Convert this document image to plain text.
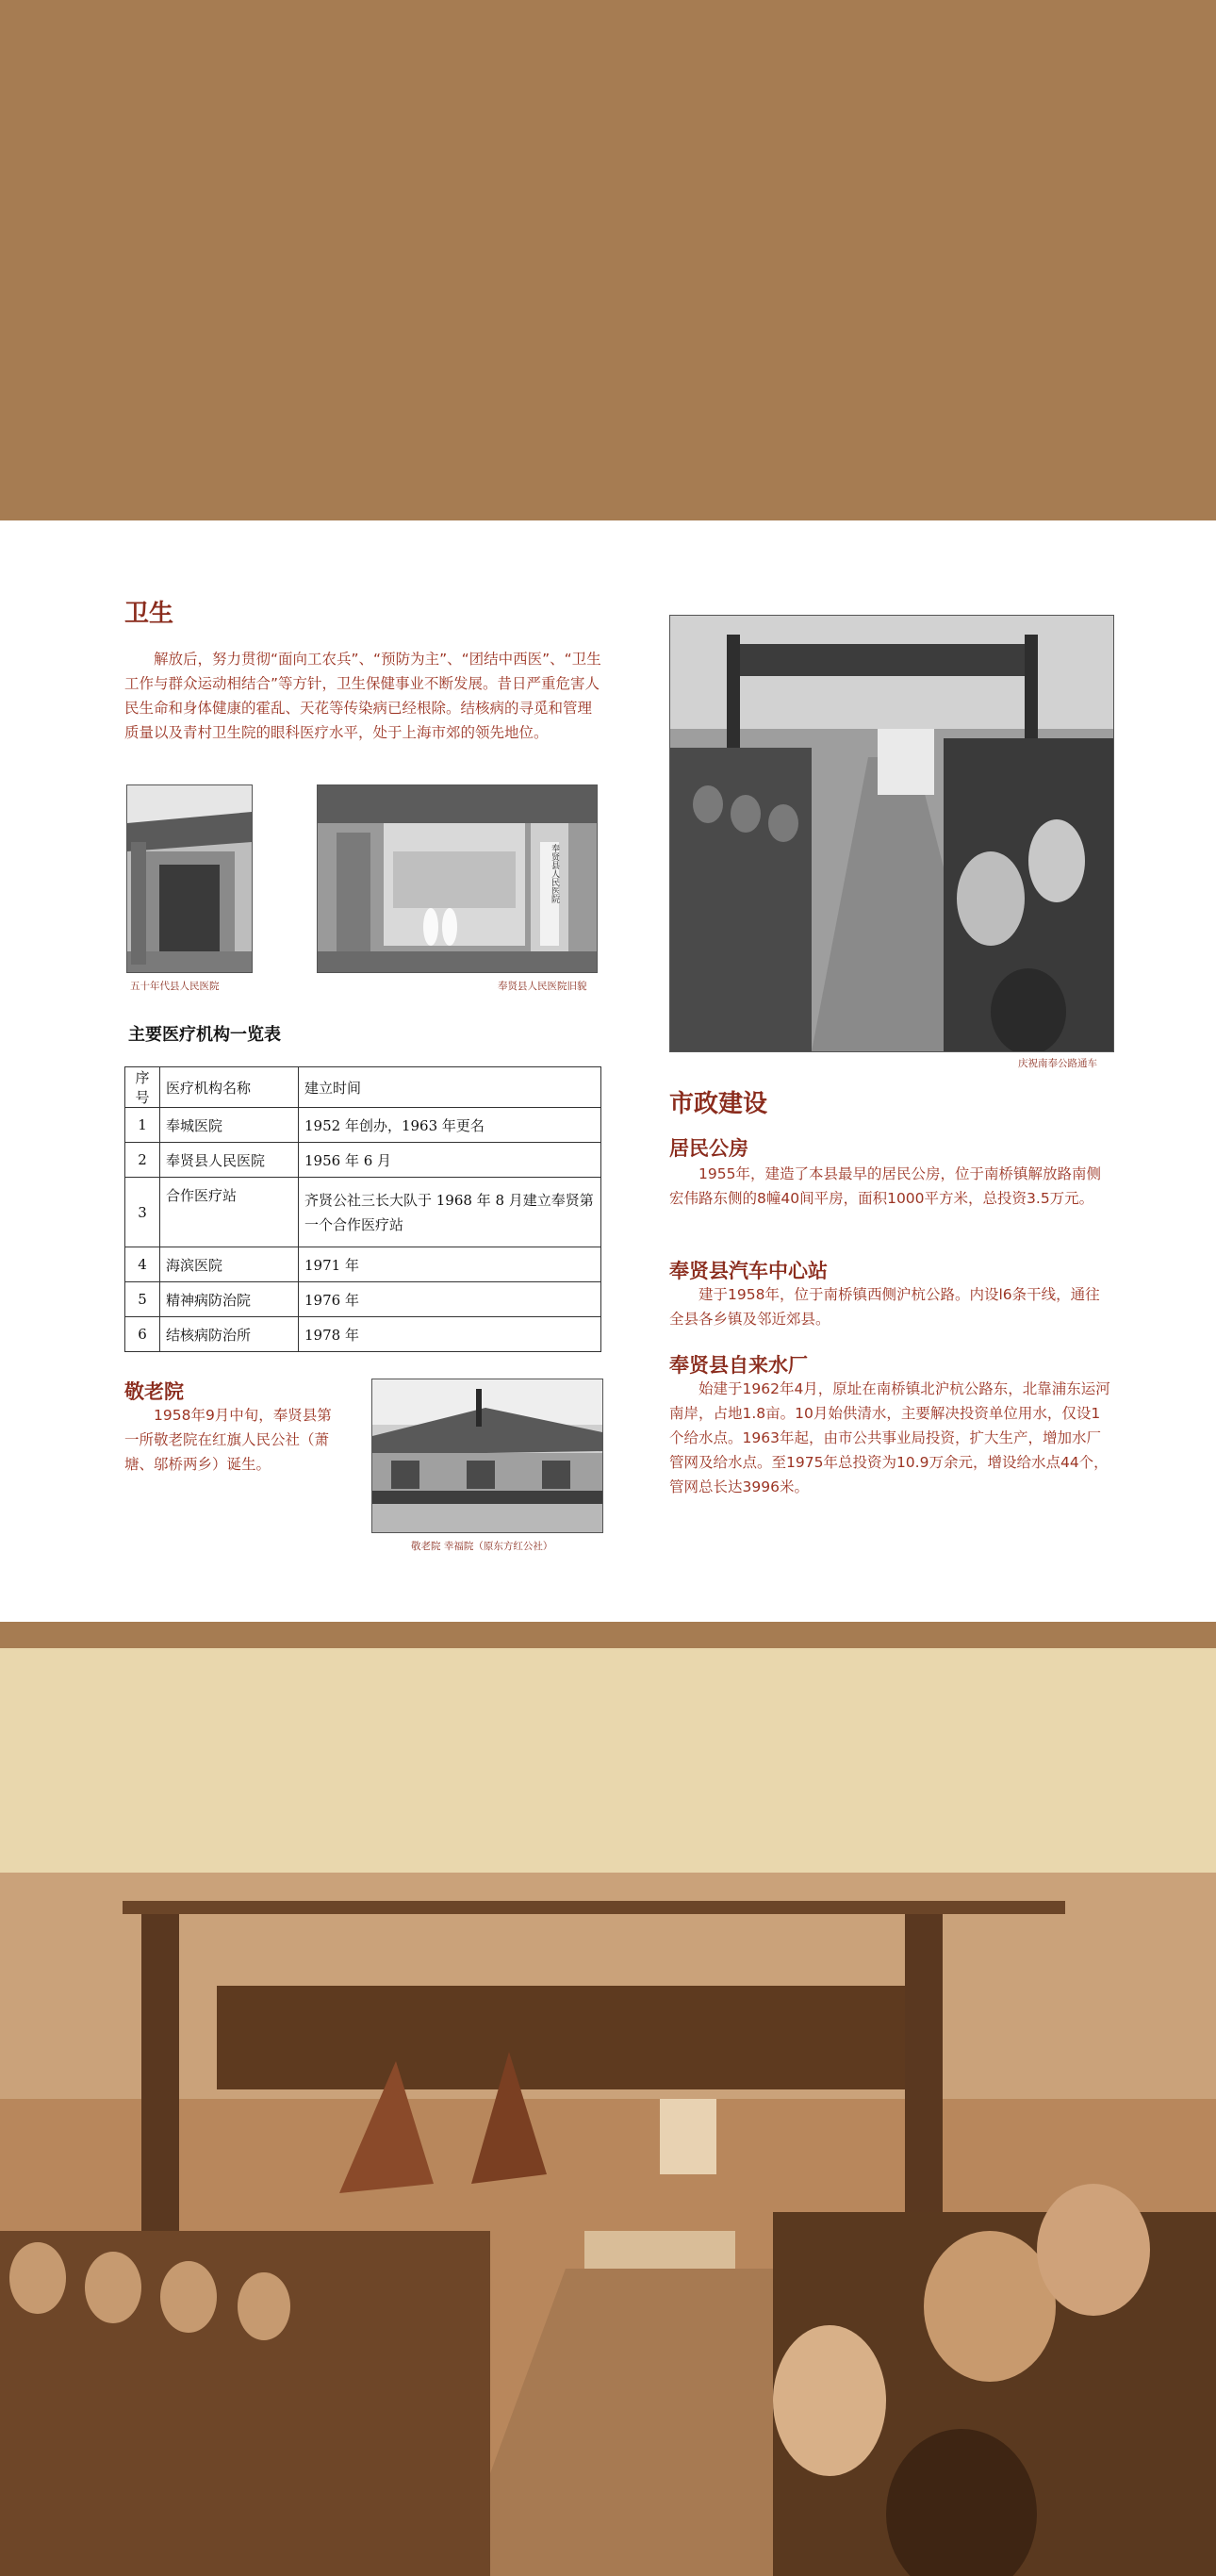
卫生

解放后，努力贯彻“面向工农兵”、“预防为主”、“团结中西医”、“卫生工作与群众运动相结合”等方针，卫生保健事业不断发展。昔日严重危害人民生命和身体健康的霍乱、天花等传染病已经根除。结核病的寻觅和管理质量以及青村卫生院的眼科医疗水平，处于上海市郊的领先地位。

五十年代县人民医院
奉贤县人民医院
奉贤县人民医院旧貌
主要医疗机构一览表
序号	医疗机构名称	建立时间
1	奉城医院	1952 年创办，1963 年更名
2	奉贤县人民医院	1956 年 6 月
3	合作医疗站	齐贤公社三长大队于 1968 年 8 月建立奉贤第一个合作医疗站
4	海滨医院	1971 年
5	精神病防治院	1976 年
6	结核病防治所	1978 年
敬老院

1958年9月中旬，奉贤县第一所敬老院在红旗人民公社（萧塘、邬桥两乡）诞生。

敬老院 幸福院（原东方红公社）
庆祝南奉公路通车
市政建设
居民公房

1955年，建造了本县最早的居民公房，位于南桥镇解放路南侧宏伟路东侧的8幢40间平房，面积1000平方米，总投资3.5万元。

奉贤县汽车中心站

建于1958年，位于南桥镇西侧沪杭公路。内设l6条干线，通往全县各乡镇及邻近郊县。

奉贤县自来水厂

始建于1962年4月，原址在南桥镇北沪杭公路东，北靠浦东运河南岸，占地1.8亩。10月始供清水，主要解决投资单位用水，仅设1个给水点。1963年起，由市公共事业局投资，扩大生产，增加水厂管网及给水点。至1975年总投资为10.9万余元，增设给水点44个，管网总长达3996米。
